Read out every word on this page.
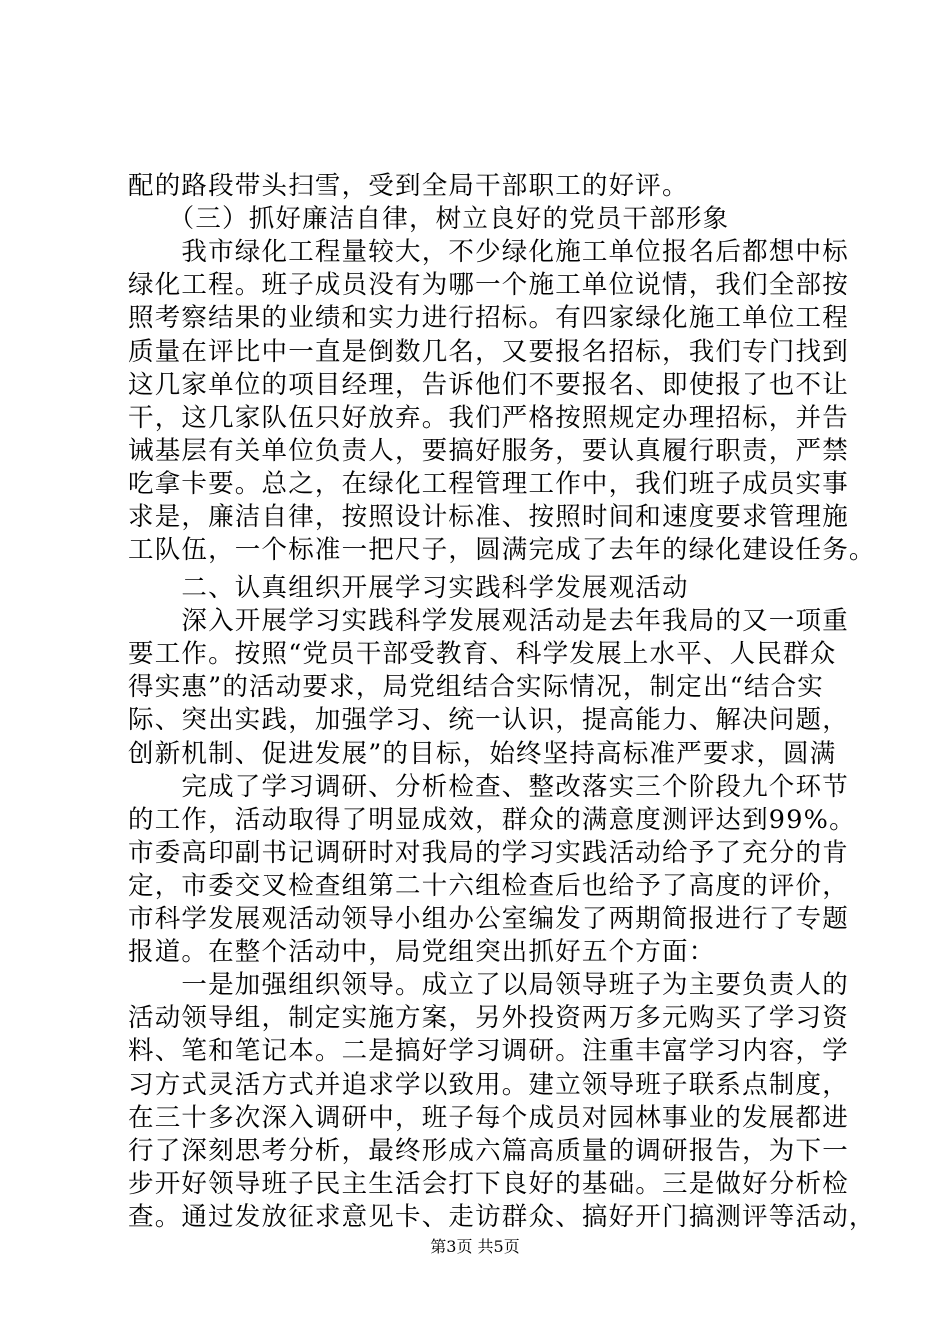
配的路段带头扫雪，受到全局干部职工的好评。
　　（三）抓好廉洁自律，树立良好的党员干部形象
　　我市绿化工程量较大，不少绿化施工单位报名后都想中标
绿化工程。班子成员没有为哪一个施工单位说情，我们全部按
照考察结果的业绩和实力进行招标。有四家绿化施工单位工程
质量在评比中一直是倒数几名，又要报名招标，我们专门找到
这几家单位的项目经理，告诉他们不要报名、即使报了也不让
干，这几家队伍只好放弃。我们严格按照规定办理招标，并告
诫基层有关单位负责人，要搞好服务，要认真履行职责，严禁
吃拿卡要。总之，在绿化工程管理工作中，我们班子成员实事
求是，廉洁自律，按照设计标准、按照时间和速度要求管理施
工队伍，一个标准一把尺子，圆满完成了去年的绿化建设任务。
　　二、认真组织开展学习实践科学发展观活动
　　深入开展学习实践科学发展观活动是去年我局的又一项重
要工作。按照“党员干部受教育、科学发展上水平、人民群众
得实惠”的活动要求，局党组结合实际情况，制定出“结合实
际、突出实践，加强学习、统一认识，提高能力、解决问题，
创新机制、促进发展”的目标，始终坚持高标准严要求，圆满
　　完成了学习调研、分析检查、整改落实三个阶段九个环节
的工作，活动取得了明显成效，群众的满意度测评达到99%。
市委高印副书记调研时对我局的学习实践活动给予了充分的肯
定，市委交叉检查组第二十六组检查后也给予了高度的评价，
市科学发展观活动领导小组办公室编发了两期简报进行了专题
报道。在整个活动中，局党组突出抓好五个方面：
　　一是加强组织领导。成立了以局领导班子为主要负责人的
活动领导组，制定实施方案，另外投资两万多元购买了学习资
料、笔和笔记本。二是搞好学习调研。注重丰富学习内容，学
习方式灵活方式并追求学以致用。建立领导班子联系点制度，
在三十多次深入调研中，班子每个成员对园林事业的发展都进
行了深刻思考分析，最终形成六篇高质量的调研报告，为下一
步开好领导班子民主生活会打下良好的基础。三是做好分析检
查。通过发放征求意见卡、走访群众、搞好开门搞测评等活动，
第3页 共5页
